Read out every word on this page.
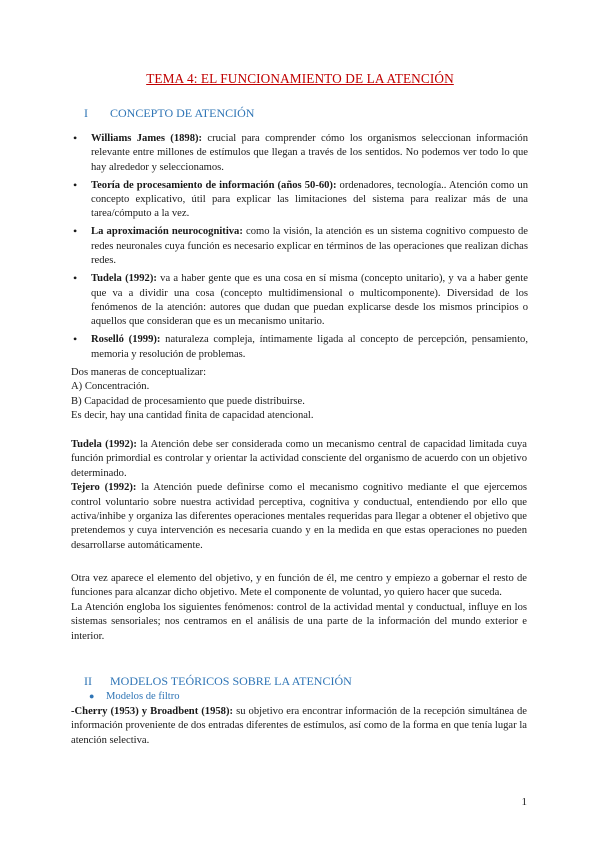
TEMA 4: EL FUNCIONAMIENTO DE LA ATENCIÓN
I CONCEPTO DE ATENCIÓN
• Williams James (1898): crucial para comprender cómo los organismos seleccionan información relevante entre millones de estímulos que llegan a través de los sentidos. No podemos ver todo lo que hay alrededor y seleccionamos.
• Teoría de procesamiento de información (años 50-60): ordenadores, tecnología.. Atención como un concepto explicativo, útil para explicar las limitaciones del sistema para realizar más de una tarea/cómputo a la vez.
• La aproximación neurocognitiva: como la visión, la atención es un sistema cognitivo compuesto de redes neuronales cuya función es necesario explicar en términos de las operaciones que realizan dichas redes.
• Tudela (1992): va a haber gente que es una cosa en sí misma (concepto unitario), y va a haber gente que va a dividir una cosa (concepto multidimensional o multicomponente). Diversidad de los fenómenos de la atención: autores que dudan que puedan explicarse desde los mismos principios o aquellos que consideran que es un mecanismo unitario.
• Roselló (1999): naturaleza compleja, íntimamente ligada al concepto de percepción, pensamiento, memoria y resolución de problemas.

Dos maneras de conceptualizar:

A) Concentración.

B) Capacidad de procesamiento que puede distribuirse.

Es decir, hay una cantidad finita de capacidad atencional.

Tudela (1992): la Atención debe ser considerada como un mecanismo central de capacidad limitada cuya función primordial es controlar y orientar la actividad consciente del organismo de acuerdo con un objetivo determinado.

Tejero (1992): la Atención puede definirse como el mecanismo cognitivo mediante el que ejercemos control voluntario sobre nuestra actividad perceptiva, cognitiva y conductual, entendiendo por ello que activa/inhibe y organiza las diferentes operaciones mentales requeridas para llegar a obtener el objetivo que pretendemos y cuya intervención es necesaria cuando y en la medida en que estas operaciones no pueden desarrollarse automáticamente.

Otra vez aparece el elemento del objetivo, y en función de él, me centro y empiezo a gobernar el resto de funciones para alcanzar dicho objetivo. Mete el componente de voluntad, yo quiero hacer que suceda.

La Atención engloba los siguientes fenómenos: control de la actividad mental y conductual, influye en los sistemas sensoriales; nos centramos en el análisis de una parte de la información del mundo exterior e interior.

II MODELOS TEÓRICOS SOBRE LA ATENCIÓN
● Modelos de filtro

-Cherry (1953) y Broadbent (1958): su objetivo era encontrar información de la recepción simultánea de información proveniente de dos entradas diferentes de estímulos, así como de la forma en que tenía lugar la atención selectiva.

1
